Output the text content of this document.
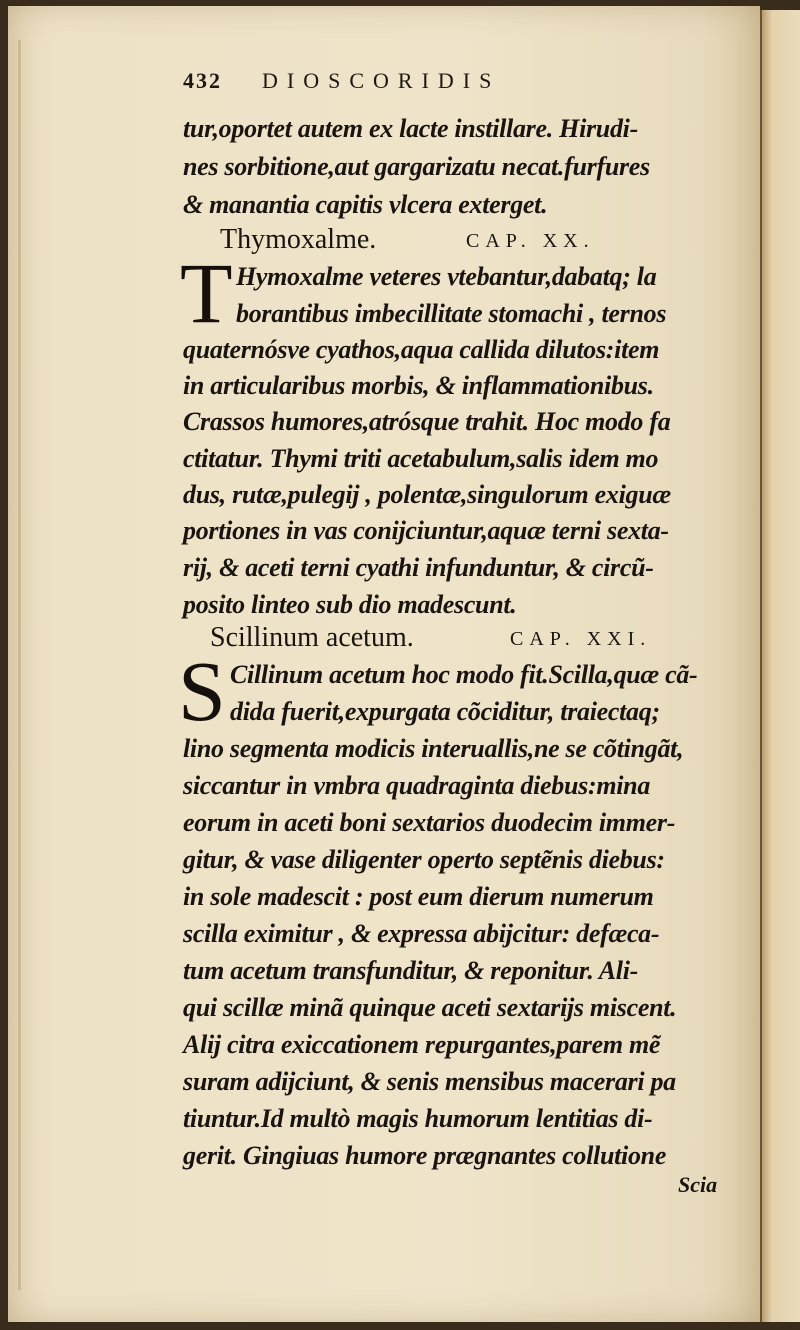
432 DIOSCORIDIS
tur,oportet autem ex lacte instillare. Hirudi-
nes sorbitione,aut gargarizatu necat.furfures
& manantia capitis vlcera exterget.
Thymoxalme.	CAP. XX.
T Hymoxalme veteres vtebantur,dabatq; la
borantibus imbecillitate stomachi , ternos
quaternósve cyathos,aqua callida dilutos:item
in articularibus morbis, & inflammationibus.
Crassos humores,atrósque trahit. Hoc modo fa
ctitatur. Thymi triti acetabulum,salis idem mo
dus, rutæ,pulegij , polentæ,singulorum exiguæ
portiones in vas conijciuntur,aquæ terni sexta-
rij, & aceti terni cyathi infunduntur, & circũ-
posito linteo sub dio madescunt.
Scillinum acetum.	CAP. XXI.
S Cillinum acetum hoc modo fit.Scilla,quæ cã-
dida fuerit,expurgata cõciditur, traiectaq;
lino segmenta modicis interuallis,ne se cõtingãt,
siccantur in vmbra quadraginta diebus:mina
eorum in aceti boni sextarios duodecim immer-
gitur, & vase diligenter operto septẽnis diebus:
in sole madescit : post eum dierum numerum
scilla eximitur , & expressa abijcitur: defæca-
tum acetum transfunditur, & reponitur. Ali-
qui scillæ minã quinque aceti sextarijs miscent.
Alij citra exiccationem repurgantes,parem mẽ
suram adijciunt, & senis mensibus macerari pa
tiuntur.Id multò magis humorum lentitias di-
gerit. Gingiuas humore prægnantes collutione
Scia
